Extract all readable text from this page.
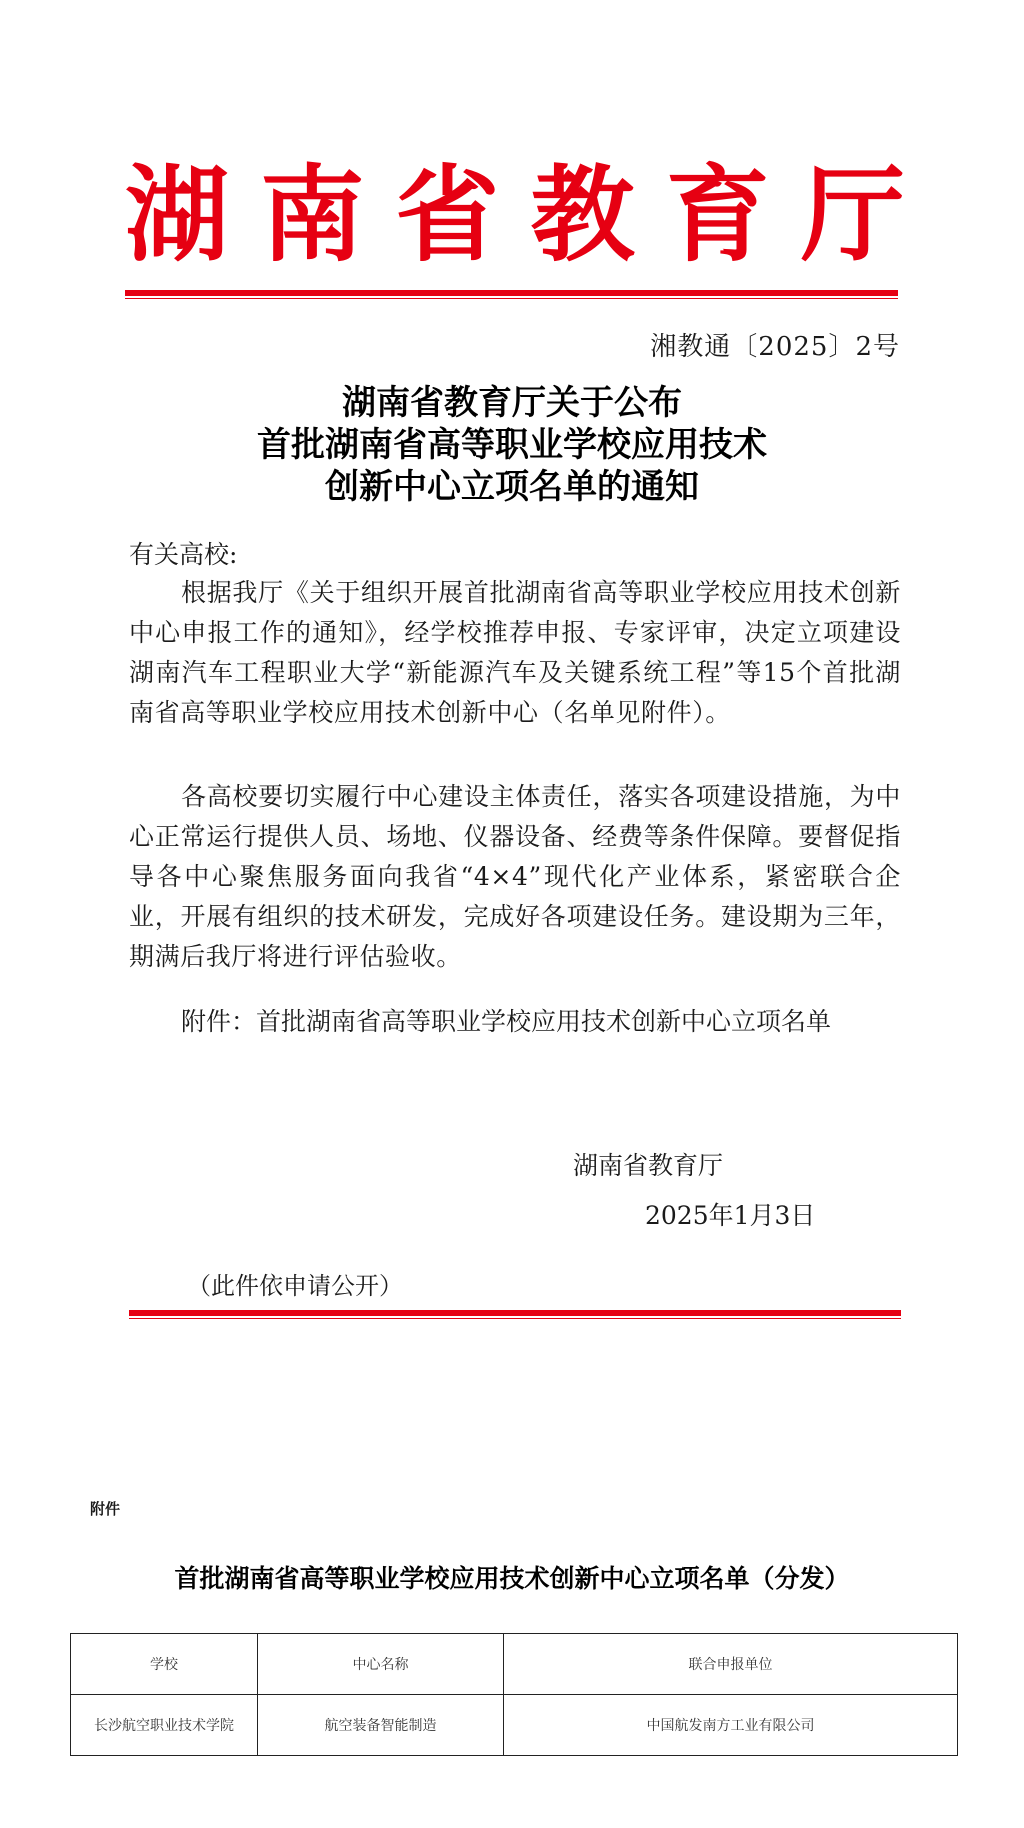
湖 南 省 教 育 厅
湘教通〔2025〕2号
湖南省教育厅关于公布
首批湖南省高等职业学校应用技术
创新中心立项名单的通知
有关高校:

根据我厅《关于组织开展首批湖南省高等职业学校应用技术创新中心申报工作的通知》，经学校推荐申报、专家评审，决定立项建设湖南汽车工程职业大学“新能源汽车及关键系统工程”等15个首批湖南省高等职业学校应用技术创新中心（名单见附件）。

各高校要切实履行中心建设主体责任，落实各项建设措施，为中心正常运行提供人员、场地、仪器设备、经费等条件保障。要督促指导各中心聚焦服务面向我省“4×4”现代化产业体系，紧密联合企业，开展有组织的技术研发，完成好各项建设任务。建设期为三年，期满后我厅将进行评估验收。

附件：首批湖南省高等职业学校应用技术创新中心立项名单
湖南省教育厅
2025年1月3日
（此件依申请公开）
附件
首批湖南省高等职业学校应用技术创新中心立项名单（分发）
学校	中心名称	联合申报单位
长沙航空职业技术学院	航空装备智能制造	中国航发南方工业有限公司
